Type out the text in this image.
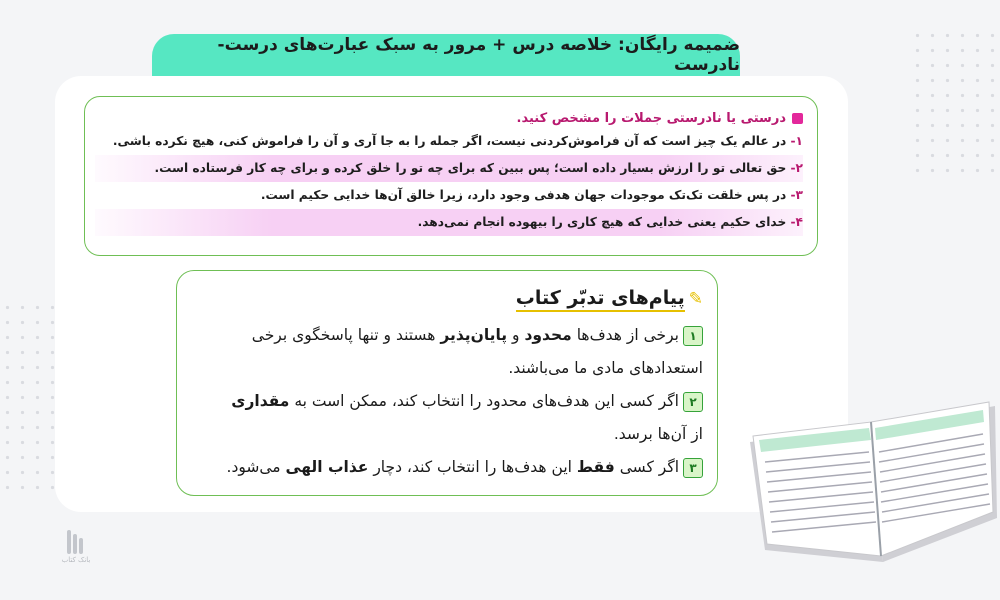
ضمیمه رایگان: خلاصه درس + مرور به سبک عبارت‌های درست-نادرست
درستی یا نادرستی جملات را مشخص کنید.
۱- در عالم یک چیز است که آن فراموش‌کردنی نیست، اگر جمله را به جا آری و آن را فراموش کنی، هیچ نکرده باشی.
۲- حق تعالی تو را ارزش بسیار داده است؛ پس ببین که برای چه تو را خلق کرده و برای چه کار فرستاده است.
۳- در پس خلقت تک‌تک موجودات جهان هدفی وجود دارد، زیرا خالق آن‌ها خدایی حکیم است.
۴- خدای حکیم یعنی خدایی که هیچ کاری را بیهوده انجام نمی‌دهد.
✎
پیام‌های تدبّر کتاب
۱برخی از هدف‌ها محدود و پایان‌پذیر هستند و تنها پاسخگوی برخی
استعدادهای مادی ما می‌باشند.
۲اگر کسی این هدف‌های محدود را انتخاب کند، ممکن است به مقداری
از آن‌ها برسد.
۳اگر کسی فقط این هدف‌ها را انتخاب کند، دچار عذاب الهی می‌شود.
بانک کتاب
